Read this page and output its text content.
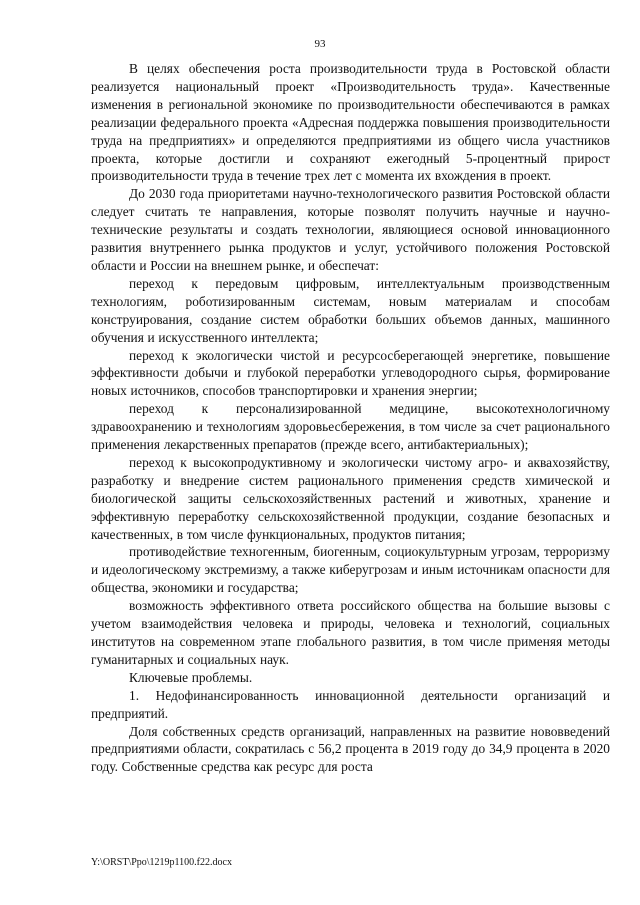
93

В целях обеспечения роста производительности труда в Ростовской области реализуется национальный проект «Производительность труда». Качественные изменения в региональной экономике по производительности обеспечиваются в рамках реализации федерального проекта «Адресная поддержка повышения производительности труда на предприятиях» и определяются предприятиями из общего числа участников проекта, которые достигли и сохраняют ежегодный 5-процентный прирост производительности труда в течение трех лет с момента их вхождения в проект.

До 2030 года приоритетами научно-технологического развития Ростовской области следует считать те направления, которые позволят получить научные и научно-технические результаты и создать технологии, являющиеся основой инновационного развития внутреннего рынка продуктов и услуг, устойчивого положения Ростовской области и России на внешнем рынке, и обеспечат:

переход к передовым цифровым, интеллектуальным производственным технологиям, роботизированным системам, новым материалам и способам конструирования, создание систем обработки больших объемов данных, машинного обучения и искусственного интеллекта;

переход к экологически чистой и ресурсосберегающей энергетике, повышение эффективности добычи и глубокой переработки углеводородного сырья, формирование новых источников, способов транспортировки и хранения энергии;

переход к персонализированной медицине, высокотехнологичному здравоохранению и технологиям здоровьесбережения, в том числе за счет рационального применения лекарственных препаратов (прежде всего, антибактериальных);

переход к высокопродуктивному и экологически чистому агро- и аквахозяйству, разработку и внедрение систем рационального применения средств химической и биологической защиты сельскохозяйственных растений и животных, хранение и эффективную переработку сельскохозяйственной продукции, создание безопасных и качественных, в том числе функциональных, продуктов питания;

противодействие техногенным, биогенным, социокультурным угрозам, терроризму и идеологическому экстремизму, а также киберугрозам и иным источникам опасности для общества, экономики и государства;

возможность эффективного ответа российского общества на большие вызовы с учетом взаимодействия человека и природы, человека и технологий, социальных институтов на современном этапе глобального развития, в том числе применяя методы гуманитарных и социальных наук.

Ключевые проблемы.

1. Недофинансированность инновационной деятельности организаций и предприятий.

Доля собственных средств организаций, направленных на развитие нововведений предприятиями области, сократилась с 56,2 процента в 2019 году до 34,9 процента в 2020 году. Собственные средства как ресурс для роста

Y:\ORST\Ppo\1219p1100.f22.docx
